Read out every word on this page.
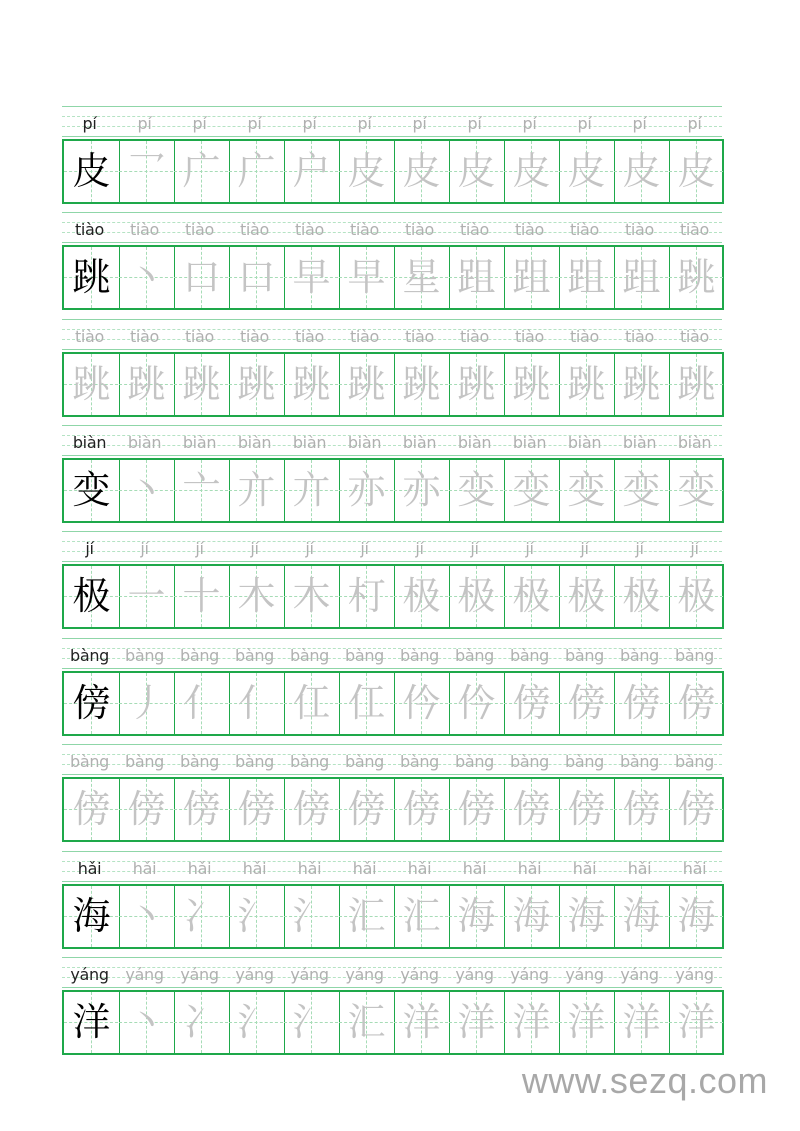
pí	pí	pí	pí	pí	pí	pí	pí	pí	pí	pí	pí
皮 乛 广 广 户 皮 皮 皮 皮 皮 皮 皮
tiào	tiào	tiào	tiào	tiào	tiào	tiào	tiào	tiào	tiào	tiào	tiào
跳 丶 口 口 早 早 星 跙 跙 跙 跙 跳
tiào	tiào	tiào	tiào	tiào	tiào	tiào	tiào	tiào	tiào	tiào	tiào
跳 跳 跳 跳 跳 跳 跳 跳 跳 跳 跳 跳
biàn	biàn	biàn	biàn	biàn	biàn	biàn	biàn	biàn	biàn	biàn	biàn
变 丶 亠 亣 亣 亦 亦 变 变 变 变 变
jí	jí	jí	jí	jí	jí	jí	jí	jí	jí	jí	jí
极 一 十 木 木 朾 极 极 极 极 极 极
bàng bàng bàng bàng bàng bàng bàng bàng bàng bàng bàng bàng
傍 丿 亻 亻 仜 仜 仱 仱 傍 傍 傍 傍
bàng bàng bàng bàng bàng bàng bàng bàng bàng bàng bàng bàng
傍 傍 傍 傍 傍 傍 傍 傍 傍 傍 傍 傍
hǎi	hǎi	hǎi	hǎi	hǎi	hǎi	hǎi	hǎi	hǎi	hǎi	hǎi	hǎi
海 丶 冫 氵 氵 汇 汇 海 海 海 海 海
yáng	yáng	yáng	yáng	yáng	yáng	yáng	yáng	yáng	yáng	yáng	yáng
洋 丶 冫 氵 氵 汇 洋 洋 洋 洋 洋 洋
www.sezq.com
